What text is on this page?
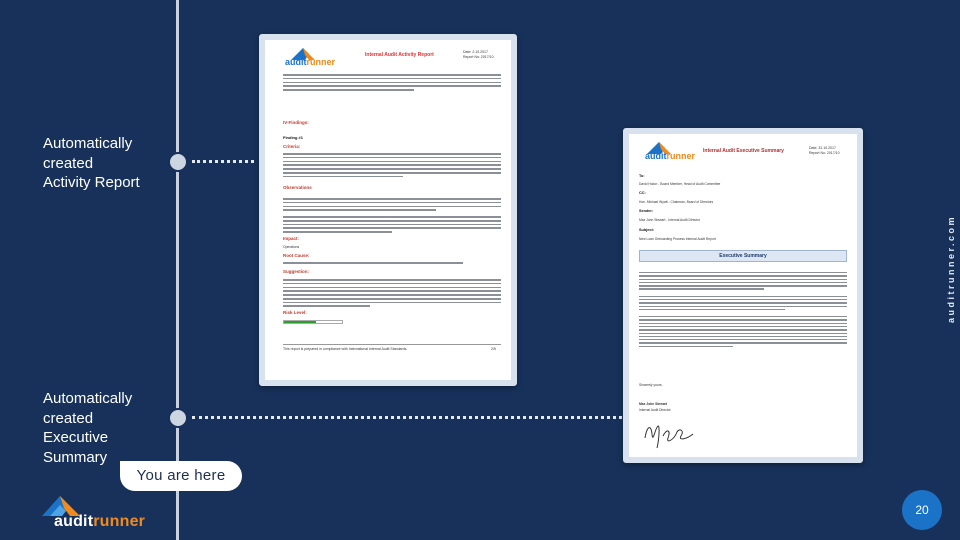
Automatically
created
Activity Report
Automatically
created
Executive
Summary
You are here
auditrunner
Internal Audit Activity Report	Date: 2.10.2017
Report No: 2017/10
IV-Findings:
Finding #1
Criteria:
Observations
Impact:
Operations
Root Cause:
Suggestion:
Risk Level:
This report is prepared in compliance with International Internal Audit Standards.	2/5
auditrunner Internal Audit Executive Summary	Date: 31.10.2017
Report No: 2017/10
To:
David Hodor - Board Member, Head of Audit Committee
CC:
Hon. Michael Wyatt - Chairman, Board of Directors
Sender:
Max John Stewart - Internal Audit Director
Subject:
New Loan Onboarding Process Internal Audit Report
Executive Summary
Sincerely yours,
Max John Stewart
Internal Audit Director
auditrunner.com
auditrunner
20
